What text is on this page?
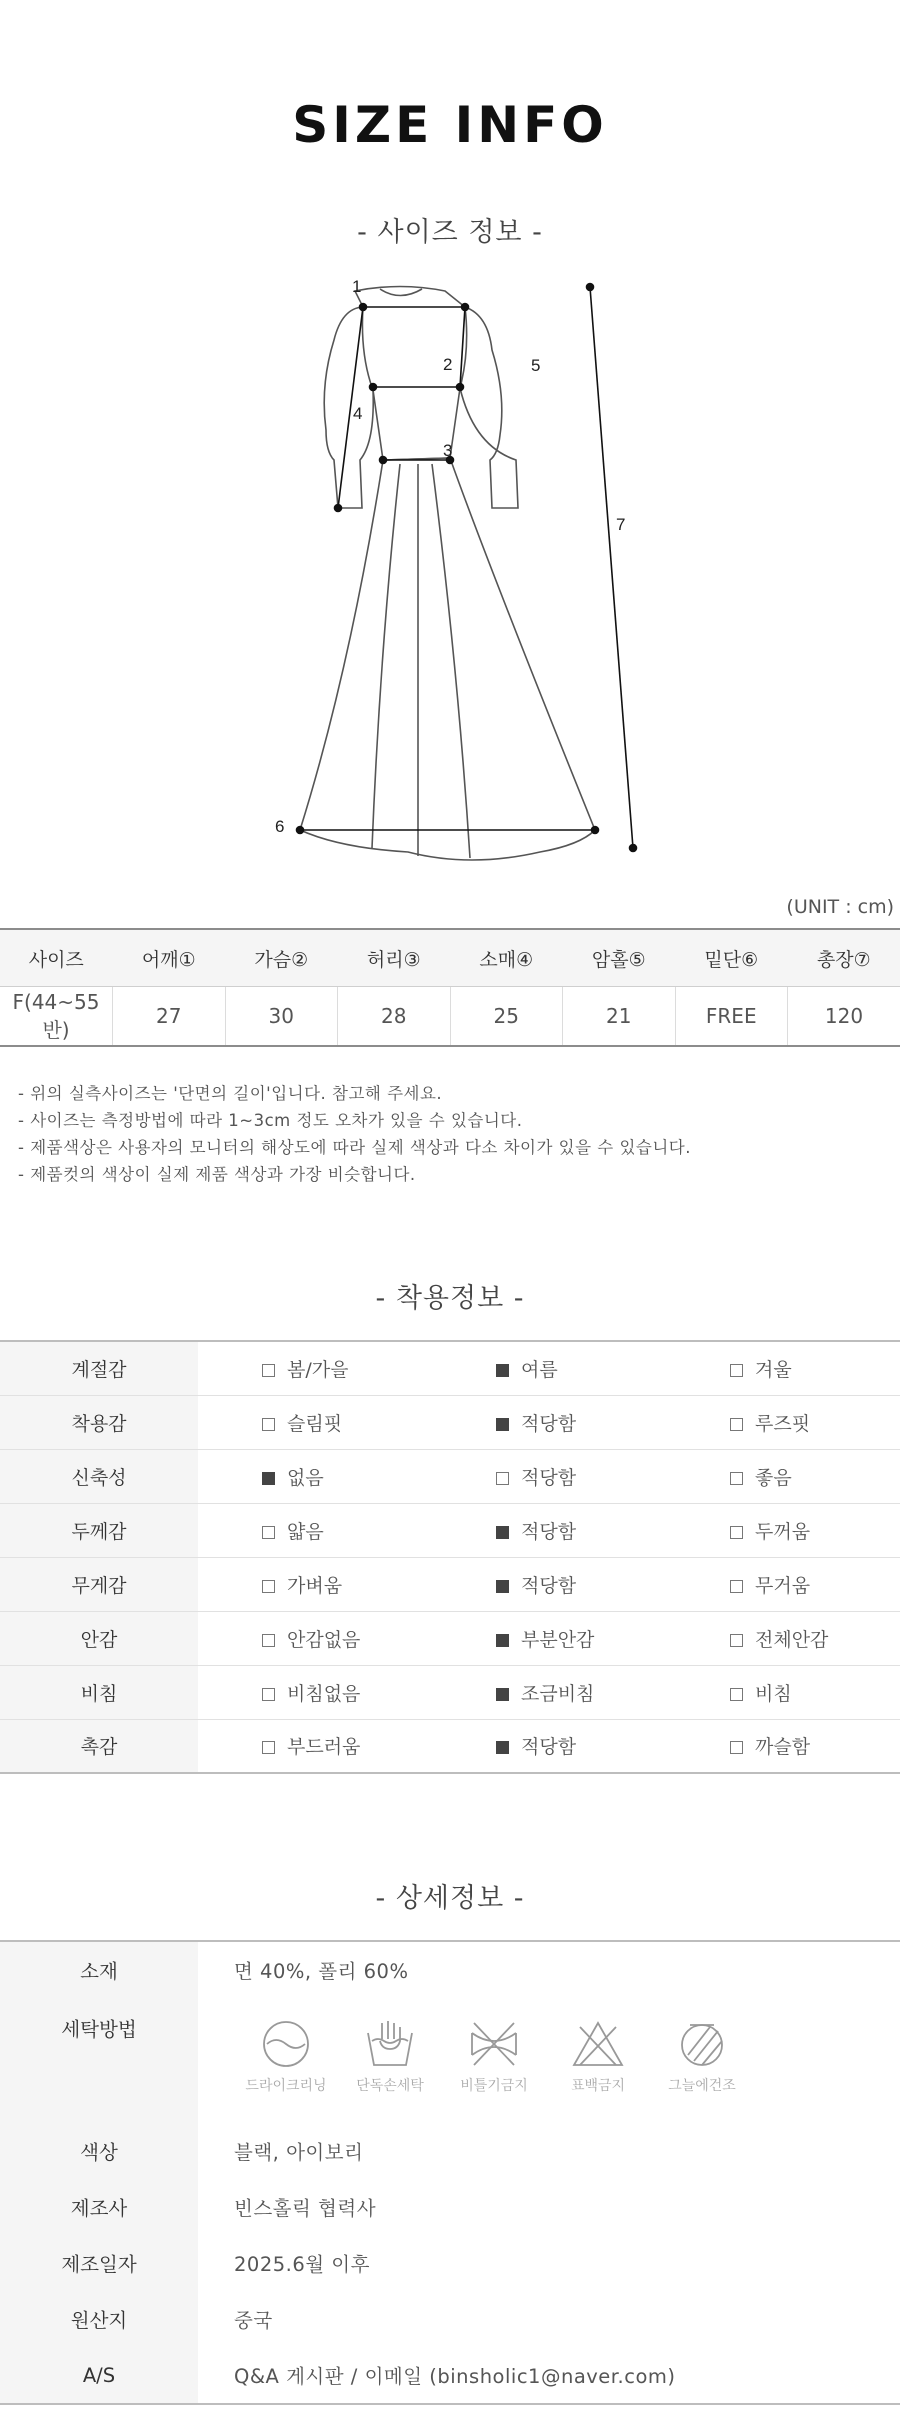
SIZE INFO
- 사이즈 정보 -
1
2
3
4
5
6
7
(UNIT : cm)
사이즈	어깨①	가슴②	허리③	소매④	암홀⑤	밑단⑥	총장⑦
F(44~55반)	27	30	28	25	21	FREE	120
- 위의 실측사이즈는 '단면의 길이'입니다. 참고해 주세요.
- 사이즈는 측정방법에 따라 1~3cm 정도 오차가 있을 수 있습니다.
- 제품색상은 사용자의 모니터의 해상도에 따라 실제 색상과 다소 차이가 있을 수 있습니다.
- 제품컷의 색상이 실제 제품 색상과 가장 비슷합니다.
- 착용정보 -
계절감	봄/가을	여름	겨울
착용감	슬림핏	적당함	루즈핏
신축성	없음	적당함	좋음
두께감	얇음	적당함	두꺼움
무게감	가벼움	적당함	무거움
안감	안감없음	부분안감	전체안감
비침	비침없음	조금비침	비침
촉감	부드러움	적당함	까슬함
- 상세정보 -
소재	면 40%, 폴리 60%
세탁방법	드라이크리닝 단독손세탁 비틀기금지 표백금지 그늘에건조

색상	블랙, 아이보리
제조사	빈스홀릭 협력사
제조일자	2025.6월 이후
원산지	중국
A/S	Q&A 게시판 / 이메일 (binsholic1@naver.com)
